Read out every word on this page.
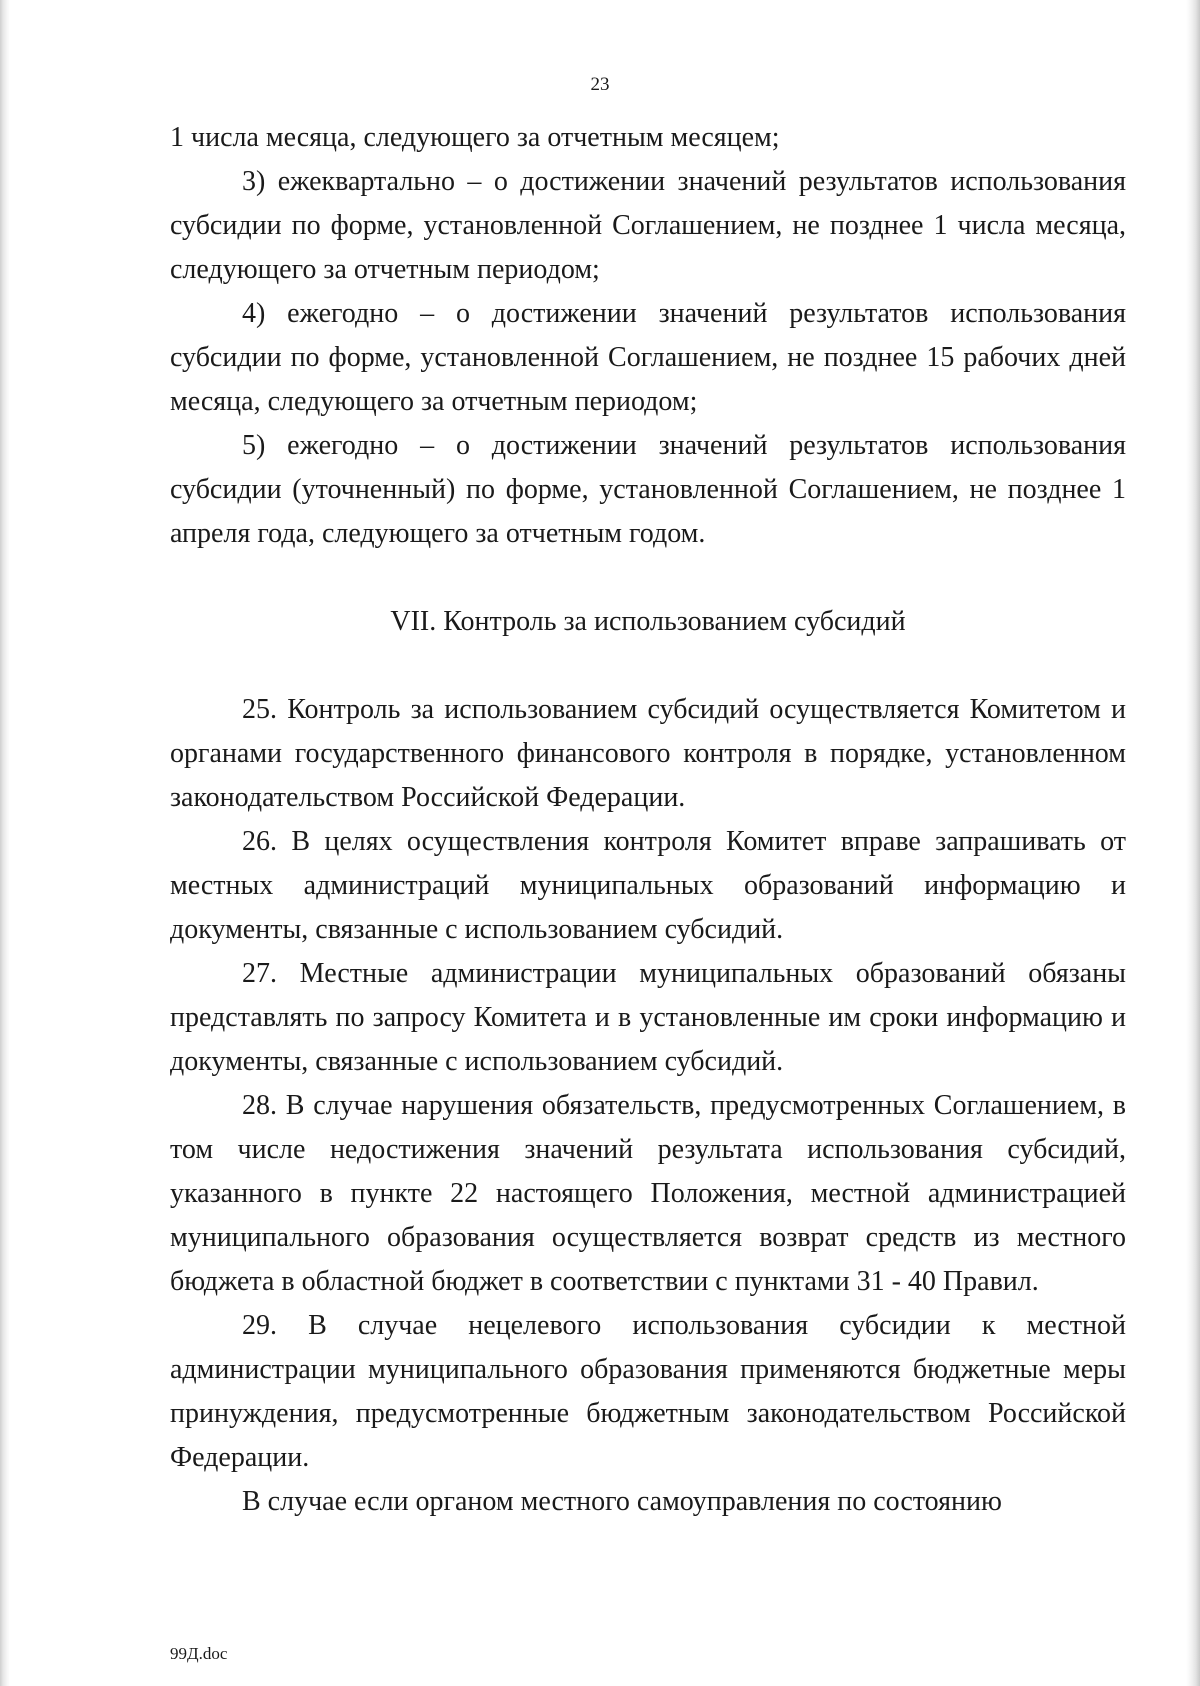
23

1 числа месяца, следующего за отчетным месяцем;

3) ежеквартально – о достижении значений результатов использования субсидии по форме, установленной Соглашением, не позднее 1 числа месяца, следующего за отчетным периодом;

4) ежегодно – о достижении значений результатов использования субсидии по форме, установленной Соглашением, не позднее 15 рабочих дней месяца, следующего за отчетным периодом;

5) ежегодно – о достижении значений результатов использования субсидии (уточненный) по форме, установленной Соглашением, не позднее 1 апреля года, следующего за отчетным годом.

VII. Контроль за использованием субсидий

25. Контроль за использованием субсидий осуществляется Комитетом и органами государственного финансового контроля в порядке, установленном законодательством Российской Федерации.

26. В целях осуществления контроля Комитет вправе запрашивать от местных администраций муниципальных образований информацию и документы, связанные с использованием субсидий.

27. Местные администрации муниципальных образований обязаны представлять по запросу Комитета и в установленные им сроки информацию и документы, связанные с использованием субсидий.

28. В случае нарушения обязательств, предусмотренных Соглашением, в том числе недостижения значений результата использования субсидий, указанного в пункте 22 настоящего Положения, местной администрацией муниципального образования осуществляется возврат средств из местного бюджета в областной бюджет в соответствии с пунктами 31 - 40 Правил.

29. В случае нецелевого использования субсидии к местной администрации муниципального образования применяются бюджетные меры принуждения, предусмотренные бюджетным законодательством Российской Федерации.

В случае если органом местного самоуправления по состоянию

99Д.doc
